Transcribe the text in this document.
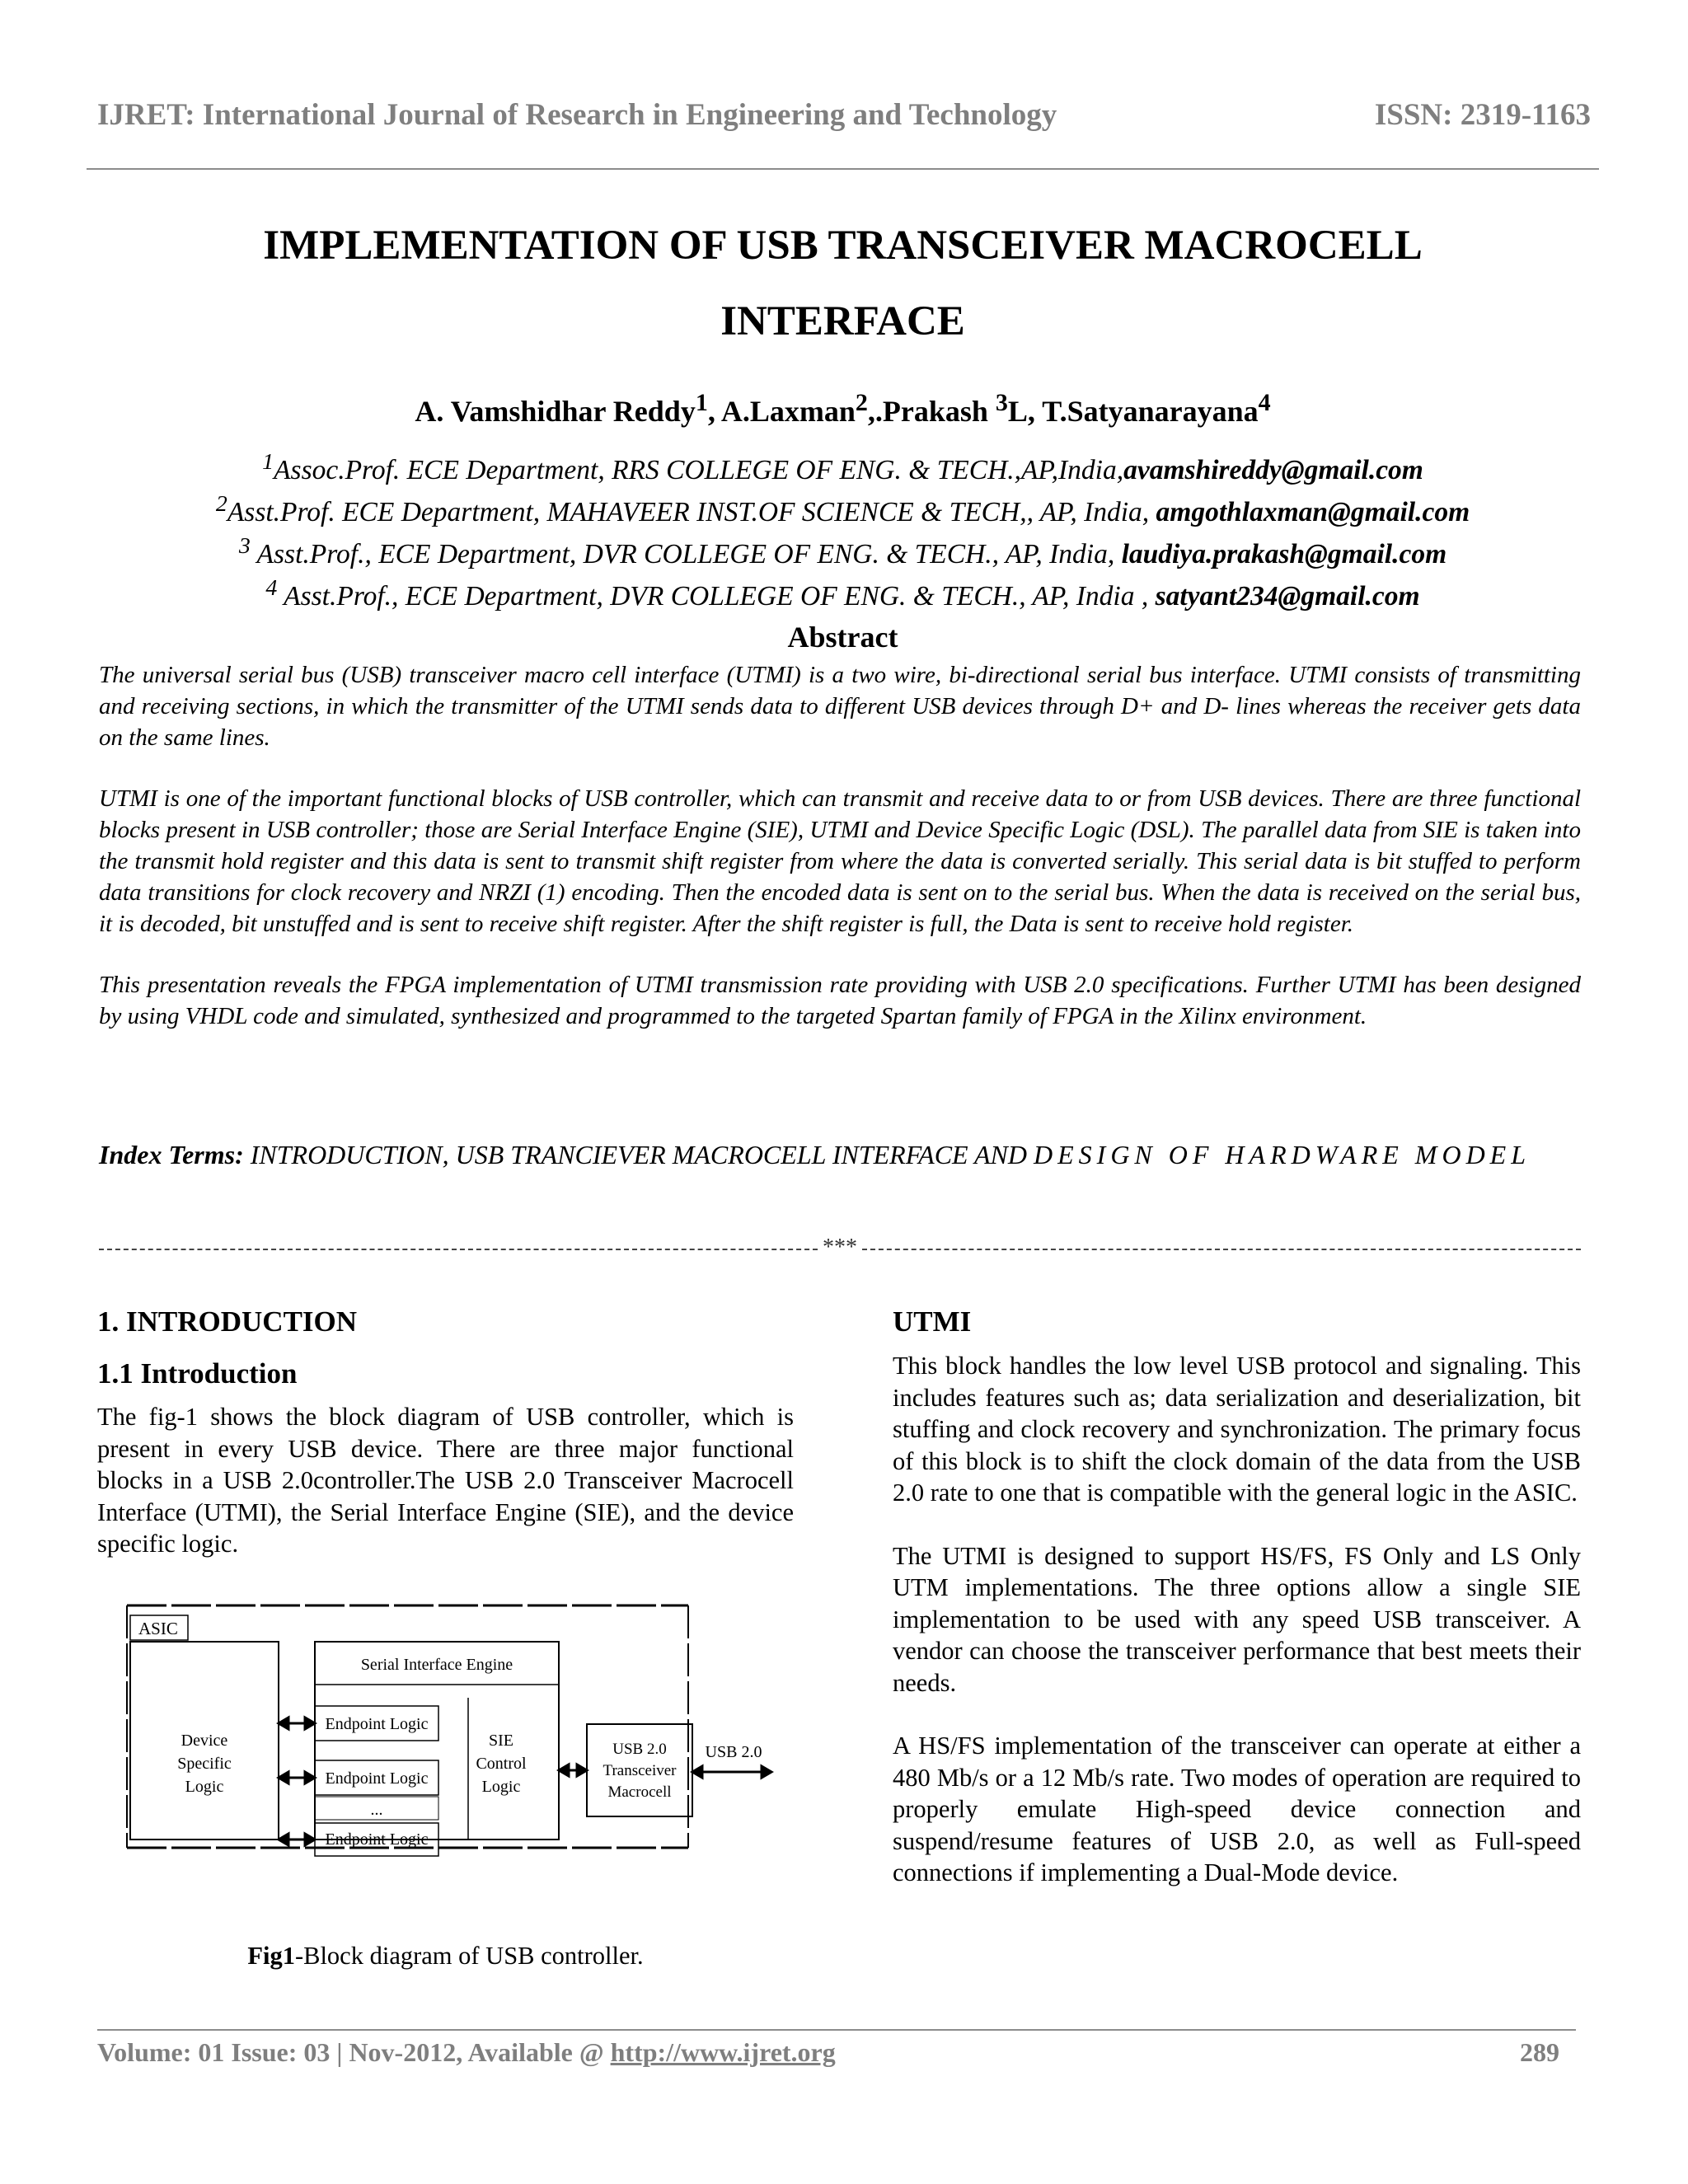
IJRET: International Journal of Research in Engineering and Technology	ISSN: 2319-1163
IMPLEMENTATION OF USB TRANSCEIVER MACROCELL
INTERFACE
A. Vamshidhar Reddy$^1$, A.Laxman$^2$,.Prakash $^3$L, T.Satyanarayana$^4$
$^1$Assoc.Prof. ECE Department, RRS COLLEGE OF ENG. & TECH.,AP,India,avamshireddy@gmail.com
$^2$Asst.Prof. ECE Department, MAHAVEER INST.OF SCIENCE & TECH,, AP, India, amgothlaxman@gmail.com
$^3$ Asst.Prof., ECE Department, DVR COLLEGE OF ENG. & TECH., AP, India, laudiya.prakash@gmail.com
$^4$ Asst.Prof., ECE Department, DVR COLLEGE OF ENG. & TECH., AP, India , satyant234@gmail.com
Abstract

The universal serial bus (USB) transceiver macro cell interface (UTMI) is a two wire, bi-directional serial bus interface. UTMI consists of transmitting and receiving sections, in which the transmitter of the UTMI sends data to different USB devices through D+ and D- lines whereas the receiver gets data on the same lines.

UTMI is one of the important functional blocks of USB controller, which can transmit and receive data to or from USB devices. There are three functional blocks present in USB controller; those are Serial Interface Engine (SIE), UTMI and Device Specific Logic (DSL). The parallel data from SIE is taken into the transmit hold register and this data is sent to transmit shift register from where the data is converted serially. This serial data is bit stuffed to perform data transitions for clock recovery and NRZI (1) encoding. Then the encoded data is sent on to the serial bus. When the data is received on the serial bus, it is decoded, bit unstuffed and is sent to receive shift register. After the shift register is full, the Data is sent to receive hold register.

This presentation reveals the FPGA implementation of UTMI transmission rate providing with USB 2.0 specifications. Further UTMI has been designed by using VHDL code and simulated, synthesized and programmed to the targeted Spartan family of FPGA in the Xilinx environment.

Index Terms: INTRODUCTION, USB TRANCIEVER MACROCELL INTERFACE AND DESIGN OF HARDWARE MODEL
***
1. INTRODUCTION
1.1 Introduction

The fig-1 shows the block diagram of USB controller, which is present in every USB device. There are three major functional blocks in a USB 2.0controller.The USB 2.0 Transceiver Macrocell Interface (UTMI), the Serial Interface Engine (SIE), and the device specific logic.

ASIC
Device
Specific
Logic
Serial Interface Engine
Endpoint Logic
Endpoint Logic
...
Endpoint Logic
SIE
Control
Logic
USB 2.0
Transceiver
Macrocell
USB 2.0
Fig1-Block diagram of USB controller.
UTMI

This block handles the low level USB protocol and signaling. This includes features such as; data serialization and deserialization, bit stuffing and clock recovery and synchronization. The primary focus of this block is to shift the clock domain of the data from the USB 2.0 rate to one that is compatible with the general logic in the ASIC.

The UTMI is designed to support HS/FS, FS Only and LS Only UTM implementations. The three options allow a single SIE implementation to be used with any speed USB transceiver. A vendor can choose the transceiver performance that best meets their needs.

A HS/FS implementation of the transceiver can operate at either a 480 Mb/s or a 12 Mb/s rate. Two modes of operation are required to properly emulate High-speed device connection and suspend/resume features of USB 2.0, as well as Full-speed connections if implementing a Dual-Mode device.

Volume: 01 Issue: 03 | Nov-2012, Available @ http://www.ijret.org	289
